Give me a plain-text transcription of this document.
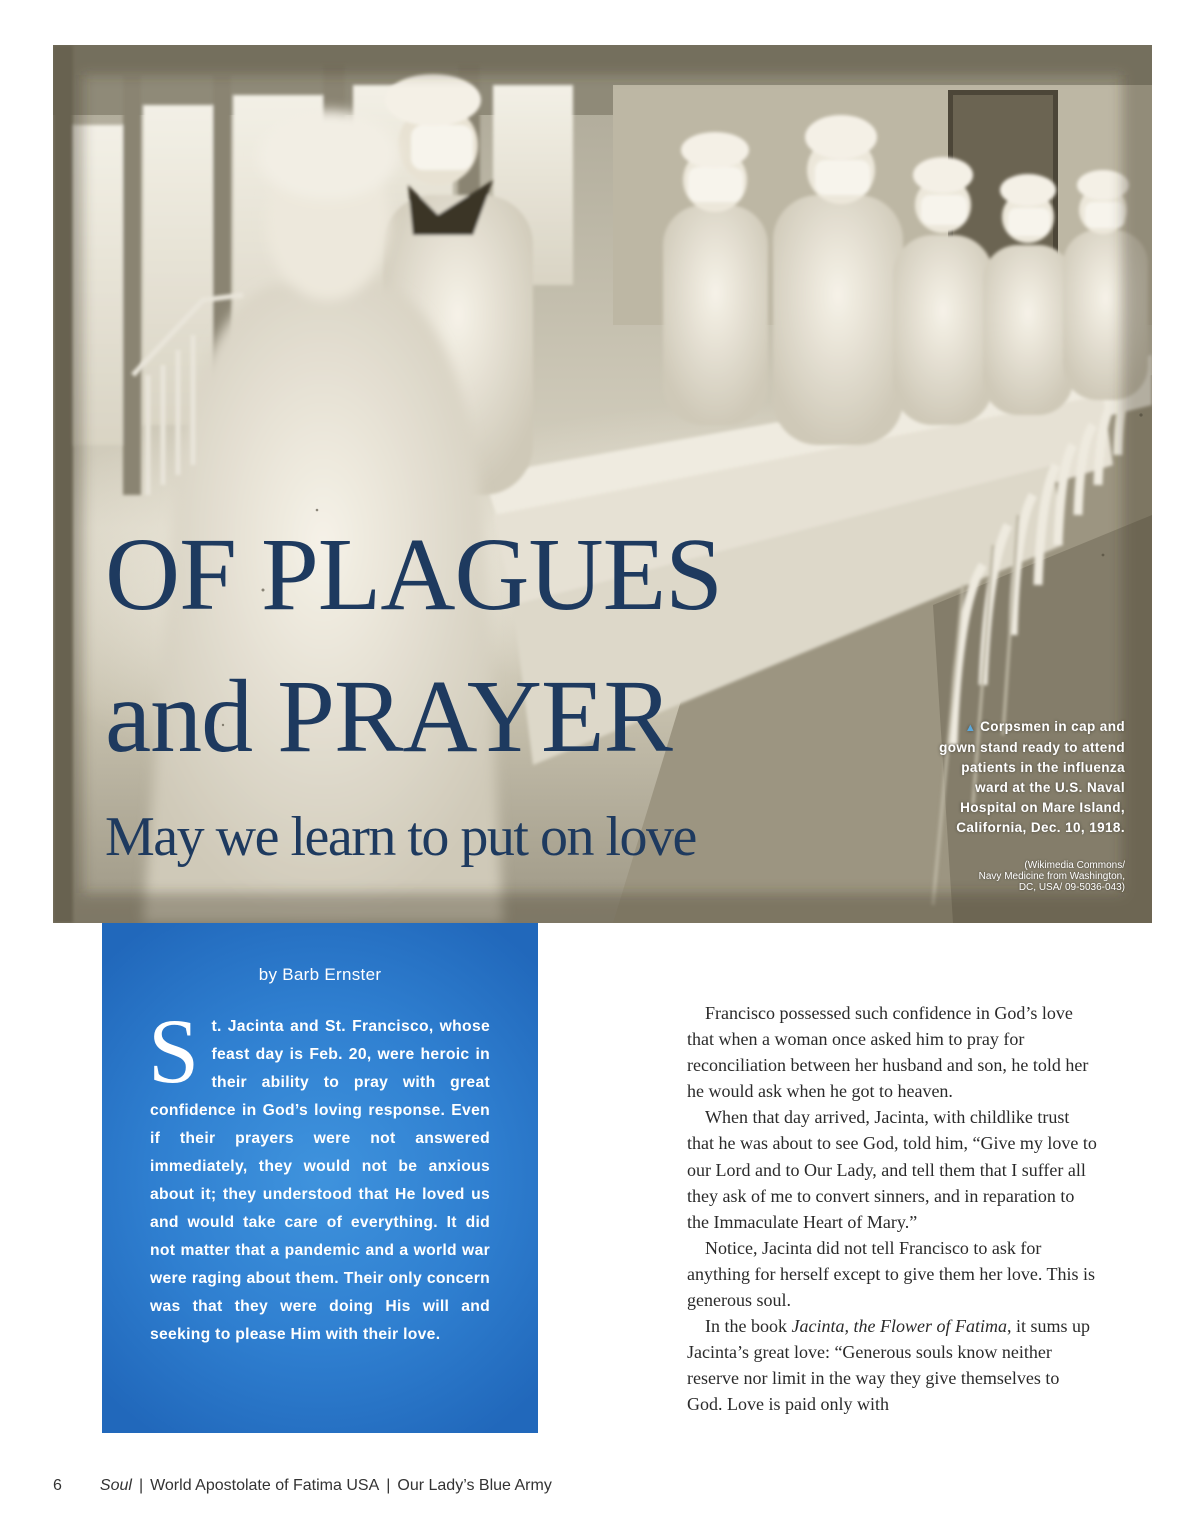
OF PLAGUES
and PRAYER
May we learn to put on love
▲ Corpsmen in cap and gown stand ready to attend patients in the influenza ward at the U.S. Naval Hospital on Mare Island, California, Dec. 10, 1918.
(Wikimedia Commons/
Navy Medicine from Washington,
DC, USA/ 09-5036-043)
by Barb Ernster

St. Jacinta and St. Francisco, whose feast day is Feb. 20, were heroic in their ability to pray with great confidence in God’s loving response. Even if their prayers were not answered immediately, they would not be anxious about it; they understood that He loved us and would take care of everything. It did not matter that a pandemic and a world war were raging about them. Their only concern was that they were doing His will and seeking to please Him with their love.

Francisco possessed such confidence in God’s love that when a woman once asked him to pray for reconciliation between her husband and son, he told her he would ask when he got to heaven.

When that day arrived, Jacinta, with childlike trust that he was about to see God, told him, “Give my love to our Lord and to Our Lady, and tell them that I suffer all they ask of me to convert sinners, and in reparation to the Immaculate Heart of Mary.”

Notice, Jacinta did not tell Francisco to ask for anything for herself except to give them her love. This is generous soul.

In the book Jacinta, the Flower of Fatima, it sums up Jacinta’s great love: “Generous souls know neither reserve nor limit in the way they give themselves to God. Love is paid only with

6 Soul | World Apostolate of Fatima USA | Our Lady’s Blue Army
